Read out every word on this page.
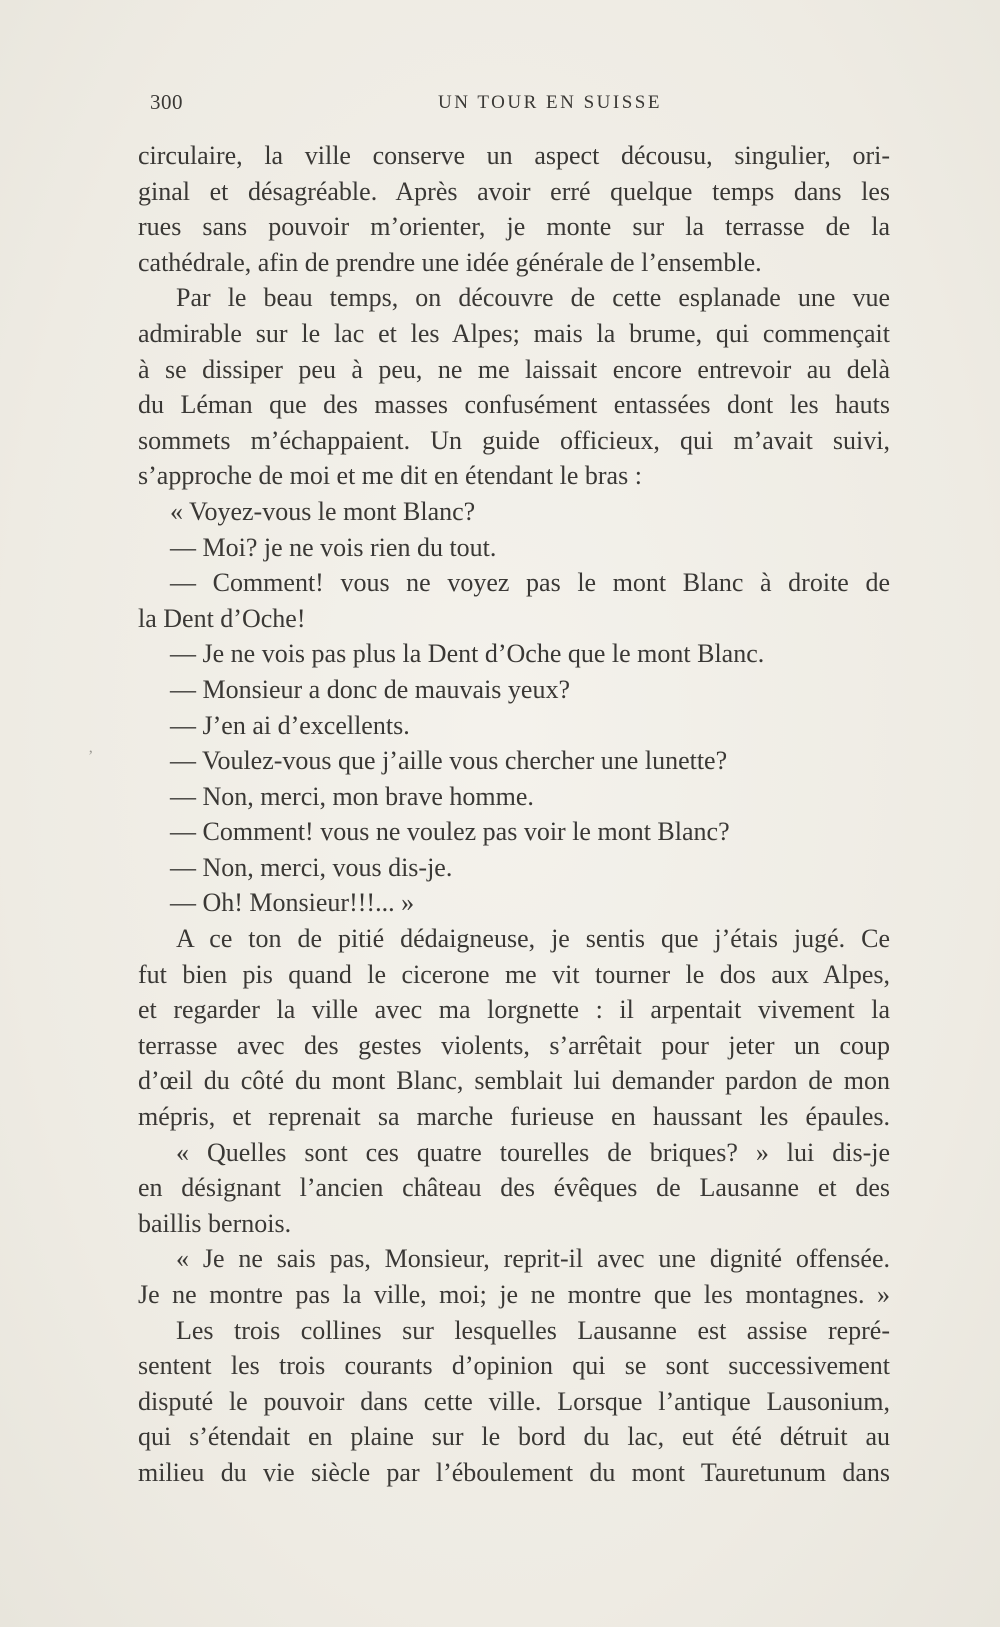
300	UN TOUR EN SUISSE
’
circulaire, la ville conserve un aspect décousu, singulier, ori-
ginal et désagréable. Après avoir erré quelque temps dans les
rues sans pouvoir m’orienter, je monte sur la terrasse de la
cathédrale, afin de prendre une idée générale de l’ensemble.
Par le beau temps, on découvre de cette esplanade une vue
admirable sur le lac et les Alpes; mais la brume, qui commençait
à se dissiper peu à peu, ne me laissait encore entrevoir au delà
du Léman que des masses confusément entassées dont les hauts
sommets m’échappaient. Un guide officieux, qui m’avait suivi,
s’approche de moi et me dit en étendant le bras :
« Voyez-vous le mont Blanc?
— Moi? je ne vois rien du tout.
— Comment! vous ne voyez pas le mont Blanc à droite de
la Dent d’Oche!
— Je ne vois pas plus la Dent d’Oche que le mont Blanc.
— Monsieur a donc de mauvais yeux?
— J’en ai d’excellents.
— Voulez-vous que j’aille vous chercher une lunette?
— Non, merci, mon brave homme.
— Comment! vous ne voulez pas voir le mont Blanc?
— Non, merci, vous dis-je.
— Oh! Monsieur!!!... »
A ce ton de pitié dédaigneuse, je sentis que j’étais jugé. Ce
fut bien pis quand le cicerone me vit tourner le dos aux Alpes,
et regarder la ville avec ma lorgnette : il arpentait vivement la
terrasse avec des gestes violents, s’arrêtait pour jeter un coup
d’œil du côté du mont Blanc, semblait lui demander pardon de mon
mépris, et reprenait sa marche furieuse en haussant les épaules.
« Quelles sont ces quatre tourelles de briques? » lui dis-je
en désignant l’ancien château des évêques de Lausanne et des
baillis bernois.
« Je ne sais pas, Monsieur, reprit-il avec une dignité offensée.
Je ne montre pas la ville, moi; je ne montre que les montagnes. »
Les trois collines sur lesquelles Lausanne est assise repré-
sentent les trois courants d’opinion qui se sont successivement
disputé le pouvoir dans cette ville. Lorsque l’antique Lausonium,
qui s’étendait en plaine sur le bord du lac, eut été détruit au
milieu du vie siècle par l’éboulement du mont Tauretunum dans
